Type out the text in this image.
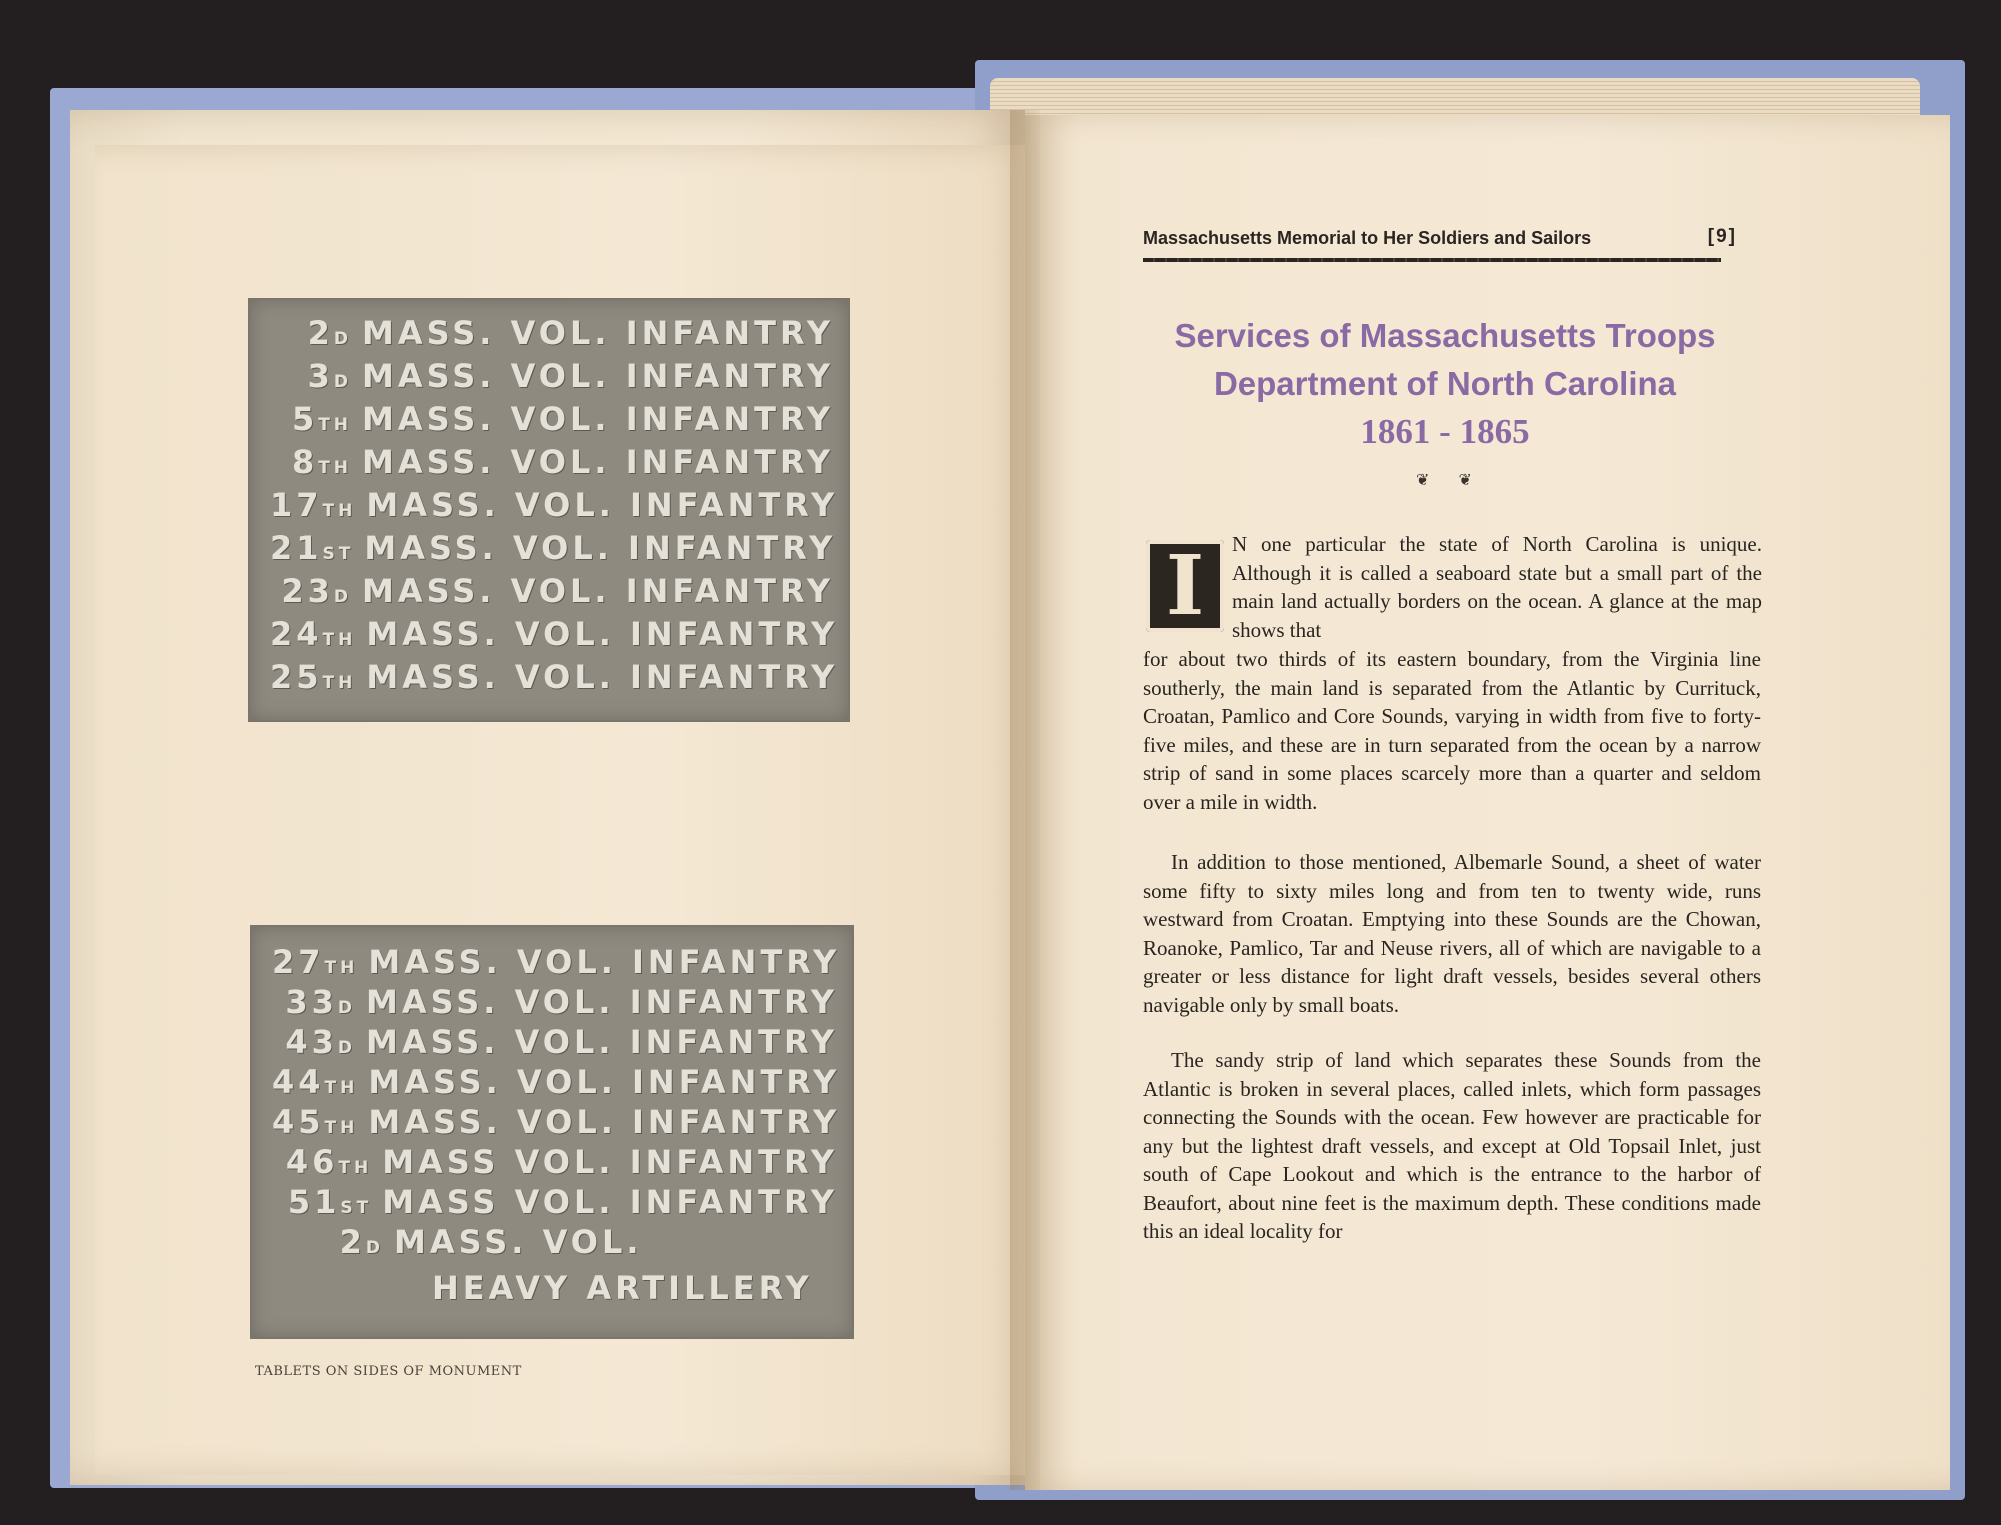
2D MASS. VOL. INFANTRY
3D MASS. VOL. INFANTRY
5TH MASS. VOL. INFANTRY
8TH MASS. VOL. INFANTRY
17TH MASS. VOL. INFANTRY
21ST MASS. VOL. INFANTRY
23D MASS. VOL. INFANTRY
24TH MASS. VOL. INFANTRY
25TH MASS. VOL. INFANTRY
27TH MASS. VOL. INFANTRY
33D MASS. VOL. INFANTRY
43D MASS. VOL. INFANTRY
44TH MASS. VOL. INFANTRY
45TH MASS. VOL. INFANTRY
46TH MASS VOL. INFANTRY
51ST MASS VOL. INFANTRY
2D MASS. VOL.
HEAVY ARTILLERY
TABLETS ON SIDES OF MONUMENT
Massachusetts Memorial to Her Soldiers and Sailors	[9]
Services of Massachusetts Troops
Department of North Carolina
1861 - 1865
❦ ❦
I	N one particular the state of North Carolina is unique. Although it is called a seaboard state but a small part of the main land actually borders on the ocean. A glance at the map shows that

for about two thirds of its eastern boundary, from the Virginia line southerly, the main land is separated from the Atlantic by Currituck, Croatan, Pamlico and Core Sounds, varying in width from five to forty-five miles, and these are in turn separated from the ocean by a narrow strip of sand in some places scarcely more than a quarter and seldom over a mile in width.

In addition to those mentioned, Albemarle Sound, a sheet of water some fifty to sixty miles long and from ten to twenty wide, runs westward from Croatan. Emptying into these Sounds are the Chowan, Roanoke, Pamlico, Tar and Neuse rivers, all of which are navigable to a greater or less distance for light draft vessels, besides several others navigable only by small boats.

The sandy strip of land which separates these Sounds from the Atlantic is broken in several places, called inlets, which form passages connecting the Sounds with the ocean. Few however are practicable for any but the lightest draft vessels, and except at Old Topsail Inlet, just south of Cape Lookout and which is the entrance to the harbor of Beaufort, about nine feet is the maximum depth. These conditions made this an ideal locality for
